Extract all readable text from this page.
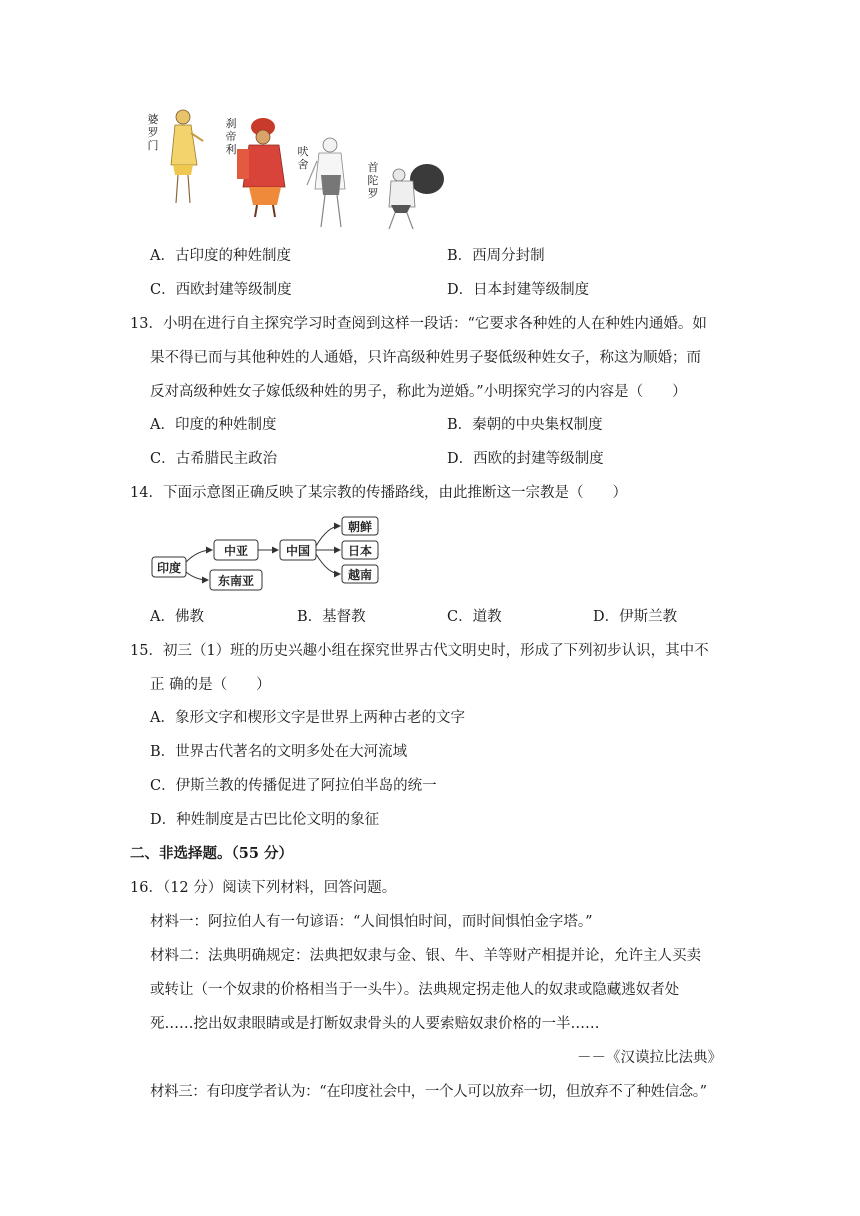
婆罗门
刹帝利	吠舍	首陀罗
A．古印度的种姓制度	B．西周分封制
C．西欧封建等级制度	D．日本封建等级制度
13．小明在进行自主探究学习时查阅到这样一段话：“它要求各种姓的人在种姓内通婚。如
果不得已而与其他种姓的人通婚，只许高级种姓男子娶低级种姓女子，称这为顺婚；而
反对高级种姓女子嫁低级种姓的男子，称此为逆婚。”小明探究学习的内容是（　　）
A．印度的种姓制度	B．秦朝的中央集权制度
C．古希腊民主政治	D．西欧的封建等级制度
14．下面示意图正确反映了某宗教的传播路线，由此推断这一宗教是（　　）
印度
中亚
东南亚
中国
朝鲜
日本
越南
A．佛教	B．基督教	C．道教	D．伊斯兰教
15．初三（1）班的历史兴趣小组在探究世界古代文明史时，形成了下列初步认识，其中不
正 确的是（　　）
A．象形文字和楔形文字是世界上两种古老的文字
B．世界古代著名的文明多处在大河流域
C．伊斯兰教的传播促进了阿拉伯半岛的统一
D．种姓制度是古巴比伦文明的象征
二、非选择题。（55 分）
16．（12 分）阅读下列材料，回答问题。
材料一：阿拉伯人有一句谚语：“人间惧怕时间，而时间惧怕金字塔。”
材料二：法典明确规定：法典把奴隶与金、银、牛、羊等财产相提并论，允许主人买卖
或转让（一个奴隶的价格相当于一头牛）。法典规定拐走他人的奴隶或隐藏逃奴者处
死……挖出奴隶眼睛或是打断奴隶骨头的人要索赔奴隶价格的一半……
－－《汉谟拉比法典》
材料三：有印度学者认为：“在印度社会中，一个人可以放弃一切，但放弃不了种姓信念。”
